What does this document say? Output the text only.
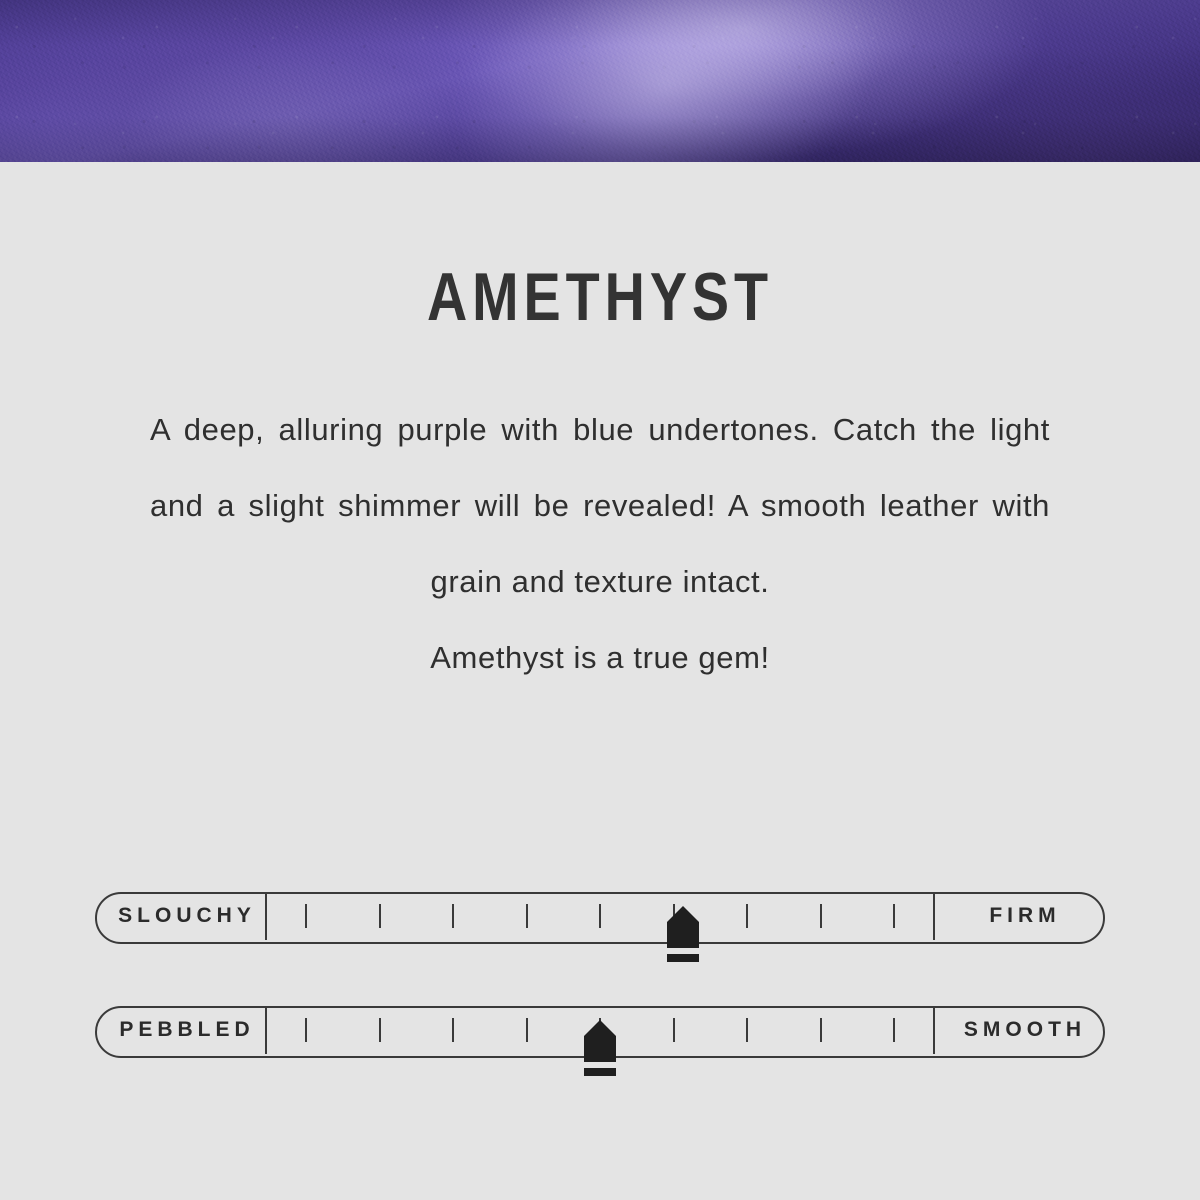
AMETHYST
A deep, alluring purple with blue undertones. Catch the light and a slight shimmer will be revealed! A smooth leather with grain and texture intact.
Amethyst is a true gem!
SLOUCHY	FIRM
PEBBLED	SMOOTH
